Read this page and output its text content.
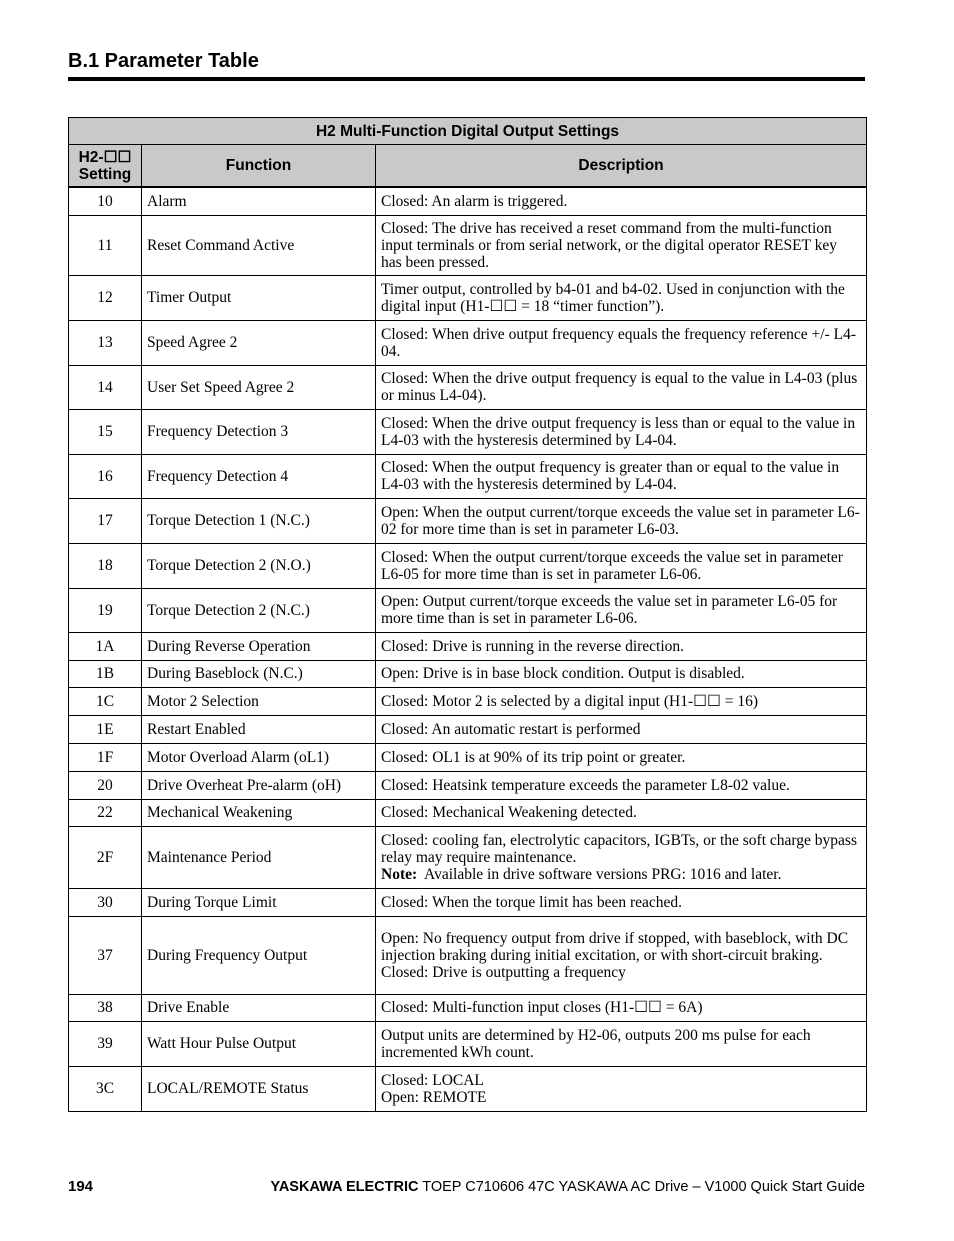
B.1 Parameter Table
H2 Multi-Function Digital Output Settings		
H2-☐☐
Setting	Function	Description
10	Alarm	Closed: An alarm is triggered.

11	Reset Command Active	Closed: The drive has received a reset command from the multi-function input terminals or from serial network, or the digital operator RESET key has been pressed.

12	Timer Output	Timer output, controlled by b4-01 and b4-02. Used in conjunction with the digital input (H1-☐☐ = 18 “timer function”).

13	Speed Agree 2	Closed: When drive output frequency equals the frequency reference +/- L4-04.

14	User Set Speed Agree 2	Closed: When the drive output frequency is equal to the value in L4-03 (plus or minus L4-04).

15	Frequency Detection 3	Closed: When the drive output frequency is less than or equal to the value in L4-03 with the hysteresis determined by L4-04.

16	Frequency Detection 4	Closed: When the output frequency is greater than or equal to the value in L4-03 with the hysteresis determined by L4-04.

17	Torque Detection 1 (N.C.)	Open: When the output current/torque exceeds the value set in parameter L6-02 for more time than is set in parameter L6-03.

18	Torque Detection 2 (N.O.)	Closed: When the output current/torque exceeds the value set in parameter L6-05 for more time than is set in parameter L6-06.

19	Torque Detection 2 (N.C.)	Open: Output current/torque exceeds the value set in parameter L6-05 for more time than is set in parameter L6-06.

1A	During Reverse Operation	Closed: Drive is running in the reverse direction.

1B	During Baseblock (N.C.)	Open: Drive is in base block condition. Output is disabled.

1C	Motor 2 Selection	Closed: Motor 2 is selected by a digital input (H1-☐☐ = 16)

1E	Restart Enabled	Closed: An automatic restart is performed

1F	Motor Overload Alarm (oL1)	Closed: OL1 is at 90% of its trip point or greater.

20	Drive Overheat Pre-alarm (oH)	Closed: Heatsink temperature exceeds the parameter L8-02 value.

22	Mechanical Weakening	Closed: Mechanical Weakening detected.

2F	Maintenance Period	Closed: cooling fan, electrolytic capacitors, IGBTs, or the soft charge bypass relay may require maintenance.
Note:  Available in drive software versions PRG: 1016 and later.

30	During Torque Limit	Closed: When the torque limit has been reached.

37	During Frequency Output	Open: No frequency output from drive if stopped, with baseblock, with DC injection braking during initial excitation, or with short-circuit braking.
Closed: Drive is outputting a frequency

38	Drive Enable	Closed: Multi-function input closes (H1-☐☐ = 6A)

39	Watt Hour Pulse Output	Output units are determined by H2-06, outputs 200 ms pulse for each incremented kWh count.

3C	LOCAL/REMOTE Status	Closed: LOCAL
Open: REMOTE
194	YASKAWA ELECTRIC TOEP C710606 47C YASKAWA AC Drive – V1000 Quick Start Guide
